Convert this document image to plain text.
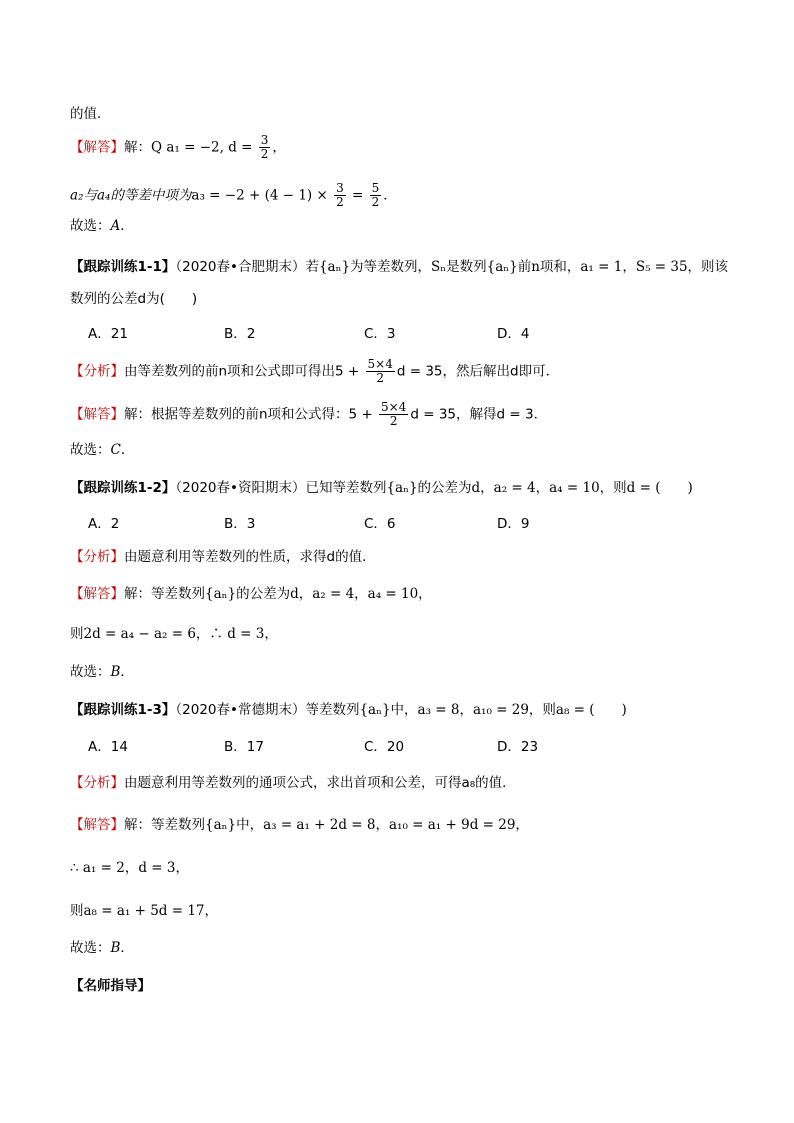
的值．
【解答】解：Q a₁ = −2, $d = \frac{3}{2}$ ，
a₂与a₄的等差中项为$a_3 = -2 + (4 - 1) \times \frac{3}{2} = \frac{5}{2}$ ．
故选：A．
【跟踪训练1-1】（2020春•合肥期末）若{aₙ}为等差数列，Sₙ是数列{aₙ}前n项和，a₁ = 1，S₅ = 35，则该
数列的公差d为(　　)
A．21	B．2	C．3	D．4
【分析】由等差数列的前n项和公式即可得出$5 + \frac{5\times 4}{2}$ d = 35，然后解出d即可．
【解答】解：根据等差数列的前n项和公式得：$5 + \frac{5\times 4}{2}$ d = 35，解得d = 3．
故选：C．
【跟踪训练1-2】（2020春•资阳期末）已知等差数列{aₙ}的公差为d，a₂ = 4，a₄ = 10，则d = (　　)
A．2	B．3	C．6	D．9
【分析】由题意利用等差数列的性质，求得d的值．
【解答】解：等差数列{aₙ}的公差为d，a₂ = 4，a₄ = 10，
则2d = a₄ − a₂ = 6，∴ d = 3，
故选：B．
【跟踪训练1-3】（2020春•常德期末）等差数列{aₙ}中，a₃ = 8，a₁₀ = 29，则a₈ = (　　)
A．14	B．17	C．20	D．23
【分析】由题意利用等差数列的通项公式，求出首项和公差，可得a₈的值．
【解答】解：等差数列{aₙ}中，a₃ = a₁ + 2d = 8，a₁₀ = a₁ + 9d = 29，
∴ a₁ = 2，d = 3，
则a₈ = a₁ + 5d = 17，
故选：B．
【名师指导】
